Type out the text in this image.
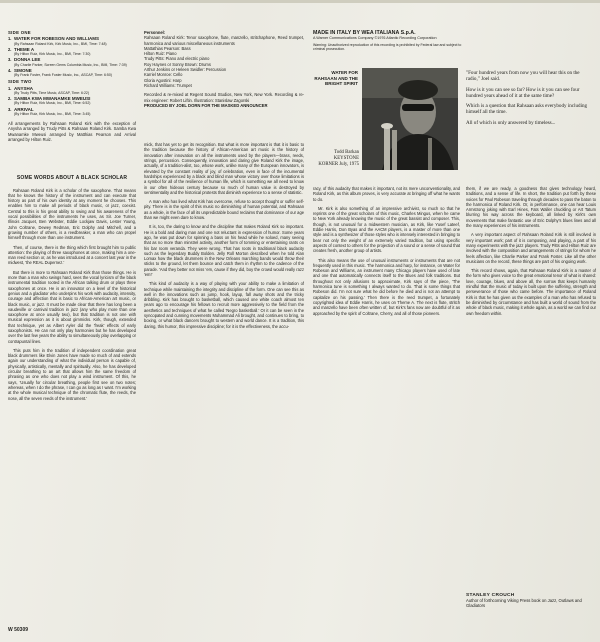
SIDE ONE

1. WATER FOR ROBESON AND WILLIAMS
(By Rahsaan Roland Kirk, Kirk Music, Inc., BMI, Time: 7:48)
2. THEME A
(By Hilton Ruiz, Kirk Music, Inc., BMI, Time: 7:30)
3. DONNA LEE
(By Charlie Parker, Screen Gems Columbia Music, Inc., BMI, Time: 7:39)
4. SIMONE
(By Frank Foster, Frank Foster Music, Inc., ASCAP, Time: 6:50)

SIDE TWO

1. ANYSHA
(By Trudy Pitts, Time Music, ASCAP, Time: 6:22)
2. SAMBA KWA MWANAMKE MWEUSI
(By Hilton Ruiz, Kirk Music, Inc., BMI, Time: 6:52)
3. ARRIVAL
(By Hilton Ruiz, Kirk Music, Inc., BMI, Time: 3:45)

All arrangements by Rahsaan Roland Kirk with the exception of Anysha arranged by Trudy Pitts & Rahsaan Roland Kirk. Samba Kwa Mwanamke Mweusi arranged by Matthias Pearson and Arrival arranged by Hilton Ruiz.

SOME WORDS ABOUT A BLACK SCHOLAR

Rahsaan Roland Kirk is a scholar of the saxophone. That means that he knows the history of the instrument and can execute that history as part of his own identity at any moment he chooses. This enables him to make all periods of black music, or jazz, coexist. Central to this is his great ability to swing and his awareness of the vocal possibilities of the instruments he uses, as Sir. Joe Turner, Illinois Jacquet, Ben Webster, Eddie Lockjaw Davis, Lester Young, John Coltrane, Dewey Redman, Eric Dolphy and Mitchell, and a growing number of others, is a reedbreaker, a man who can propel himself through more than one instrument.

Then, of course, there is the thing which first brought him to public attention: the playing of three saxophones at once, making him a one-man reed section or, as he was introduced at a concert last year in the midwest, 'the REAL Dupernez.'

But there is more to Rahsaan Roland Kirk than those things. He is more than a man who swings hard, sees the vocal lyricism of the black instrumental tradition rooted in the African talking drum or plays three saxophones at once. He is an innovator on a level of the historical genius and a gladiator who underpins his work with audacity, intensity, courage and affection that is basic to African-American art music, or black music, or jazz. It must be made clear that there has long been a vaudeville or carnival tradition in jazz (any who play more than one saxophone at once usually two), but that tradition is not one with musical expression as it is about gimmicks. Kirk, though, extended that technique, yet as Albert Ayler did the 'freak' effects of early saxophonists. He can not only play harmonies but he has developed over the last few years the ability to simultaneously play overlapping or contrapuntal lines.

This puts him in the tradition of independent coordination great black drummers like Elvin Jones have made so much of and extends again our understanding of what the individual person is capable of, physically, artistically, mentally and spiritually. Also, he has developed circular breathing to an art that allows him the same freedom of phrasing as one who does not play a wind instrument. Of this, he says, 'Usually for circular breathing, people first see on two notes; whereas, when I do the phrase, I can go as long as I want. I'm working at the whole musical technique of the chromatic flute, the reeds, the nose, all the seven reeds of the instrument.'

Personnel:

Rahsaan Roland Kirk: Tenor saxophone, flute, manzello, stritchaphone, Reed trumpet, harmonica and various miscellaneous instruments

Mattathias Pearson: Bass

Hilton Ruiz: Piano

Trudy Pitts: Piano and electric piano

Roy Haynes or Sonny Brown: Drums

Arthur Jenkins or Heleen Swidler: Percussion

Karriel Monroe: Cello

Gloria Agostini: Harp

Richard Williams: Trumpet

Recorded & re-mixed at Regent Sound Studios, New York, New York. Recording & re-mix engineer: Robert Liftin. Illustration: Stanislaw Zagorski

PRODUCED BY JOEL DORN FOR THE MASKED ANNOUNCER

mick, that has yet to get its recognition. But what is more important is that it is basic to the tradition because the history of African-American art music is the history of innovation after innovation on all the instruments used by the players—brass, reeds, strings, percussion. Consequently, innovation and daring give Roland Kirk the image, actually, of a tradition-alist, too, whose work, unlike many of the European innovators, is elevated by the constant reality of joy, of celebration, even in face of the incumental hardships experienced by a black and blind man whose victory over those limitations is a symbol for all of the resilience of human life, which is something we all need to know in our often hideous century because so much of human value is destroyed by sentimentality and the historical protests that diminish experience to a sense of statistic.

A man who has lived what Kirk has overcome, refuse to accept thought or suffer self-pity. There is in the spirit of this music no diminishing of human potential, and Rahsaan as a whole, in the face of all its unpredictable bound reclaims that dominance of our age than we might even dare to know.

It is, too, the daring to know and the discipline that makes Roland Kirk so important. He is a bold and daring man and one not reluctant in expression of humor. Some years ago, he was put down for spinning a bass on his head while he soloed, many seeing that as no more than minstrel activity, another form of tomming or entertaining rants on his bar room veranda. They were wrong. That has roots in traditional black audacity such as the legendary Buddy Bolden. Jelly Roll Morton described when he told Alan Lomax how the black drummers in the New Orleans marching bands would throw their sticks to the ground, let them bounce and catch them in rhythm to the cadence of the parade. 'And they better not miss 'em, cause if they did, boy the crowd would really razz 'em!'

This kind of audacity is a way of playing with your ability to make a limitation of technique while maintaining the integrity and discipline of the form. One can see this as well in the innovations such as jump, hook, layup, fall away shots and the tricky dribbling. Kirk has brought to basketball, which caused one white coach almost ten years ago to encourage his fellows to recruit more aggressively to the field from the aesthetics and techniques of what he called 'Negro basketball.' Or it can be seen in the syncopated and cunning movements Muhammad Ali brought, and continues to bring, to boxing, or what black dancers brought to western and world dance. It is a tradition, this daring, this humor, this impressive discipline; for it is the effectiveness, the accu-

MADE IN ITALY BY WEA ITALIANA S.p.A.
A Warner Communications Company ©1976 Atlantic Recording Corporation
Warning: Unauthorized reproduction of this recording is prohibited by Federal law and subject to criminal prosecution.
WATER FOR RAHSAAN AND THE BRIGHT SPIRIT
Todd Barkan KEYSTONE KORNER July, 1975

"Four hundred years from now you will hear this on the radio," Joel said.

How is it you can see so far? How is it you can see four hundred years ahead of it at the same time?

Which is a question that Rahsaan asks everybody including himself all the time.

All of which is only answered by timeless...

racy, of this audacity that makes it important, not its mere unconventionality, and Roland Kirk, as this album proves, is very accurate at bringing off what he wants to do.

Mr. Kirk is also something of an impressive archivist, so much so that he reprints one of the great scholars of this music, Charles Mingus, when he came to New York already knowing the music of the great bassist and composer. This, though, is not unusual for a midwestern musician, as Kirk, like Yusef Lateef, Eddie Harris, Don Byas and the AACM players, is a master of more than one style and is a synthesizer of those styles who is intensely interested in bringing to bear not only the weight of an extremely varied tradition, but using specific aspects of context to others for the projection of a sound or a sense of sound that creates fresh, another group of artists.

This also means the use of unusual instruments or instruments that are not frequently used in this music. The harmonica and harp, for instance, on Water for Robeson and Williams, an instrument many Chicago players have used of late and one that automatically connects itself to the Blues and folk traditions. But throughout not only allusions to approximate, Kirk says of the piece, 'The harmonica tune is something I always wanted to do. That is some things that Robeson did. I'm not sure what he did before he died and is not an attempt to capitalize on his passing.' Then there is the reed trumpet, a fortunately copyrighted idea of Eddie Harris, he uses on Theme A. The next is flute, stritch and manzello have been often written of, but Kirk's fans now are doubtful of it as approached by the spirit of Coltrane, Cherry, and all of those pioneers.

them, if we are ready, a goodness that gives technology heard, traditions, and a sense of life. In short, the tradition put forth by these voices for Paul Robeson traveling through decades to pass the baton to the harmonica of Roland Kirk. Or, in performance, one can hear Louis Armstrong joking with Earl Hines, Fats Waller chuckling or Art Tatum blurring his way across the keyboard, all linked by Kirk's own movements that make fantastic use of Eric Dolphy's blues lines and all the many experiences of his instruments.

A very important aspect of Rahsaan Roland Kirk is still involved in very important work; part of it is composing, and playing, a part of his many experiments with the jazz players. Trudy Pitts and Hilton Ruiz are involved with the composition and arrangements of strings for whom he feels affection, like Charlie Parker and Frank Foster. Like all the other musicians on the record, these things are part of his ongoing work.

This record shows, again, that Rahsaan Roland Kirk is a master of the form who gives voice to the great emotional tenor of what is shared: love, courage, blues, and above all, the sorrow that keeps humanity mindful that the music of today is built upon the suffering, strength and perseverance of those who came before. The importance of Roland Kirk is that he has given us the examples of a man who has refused to be diminished by circumstance and has built a world of sound from the whole of black music, making it whole again, as a world we can find our own freedom within.

STANLEY CROUCH
Author of forthcoming Viking Press book on Jazz, Outlaws and Gladiators
W 50309
